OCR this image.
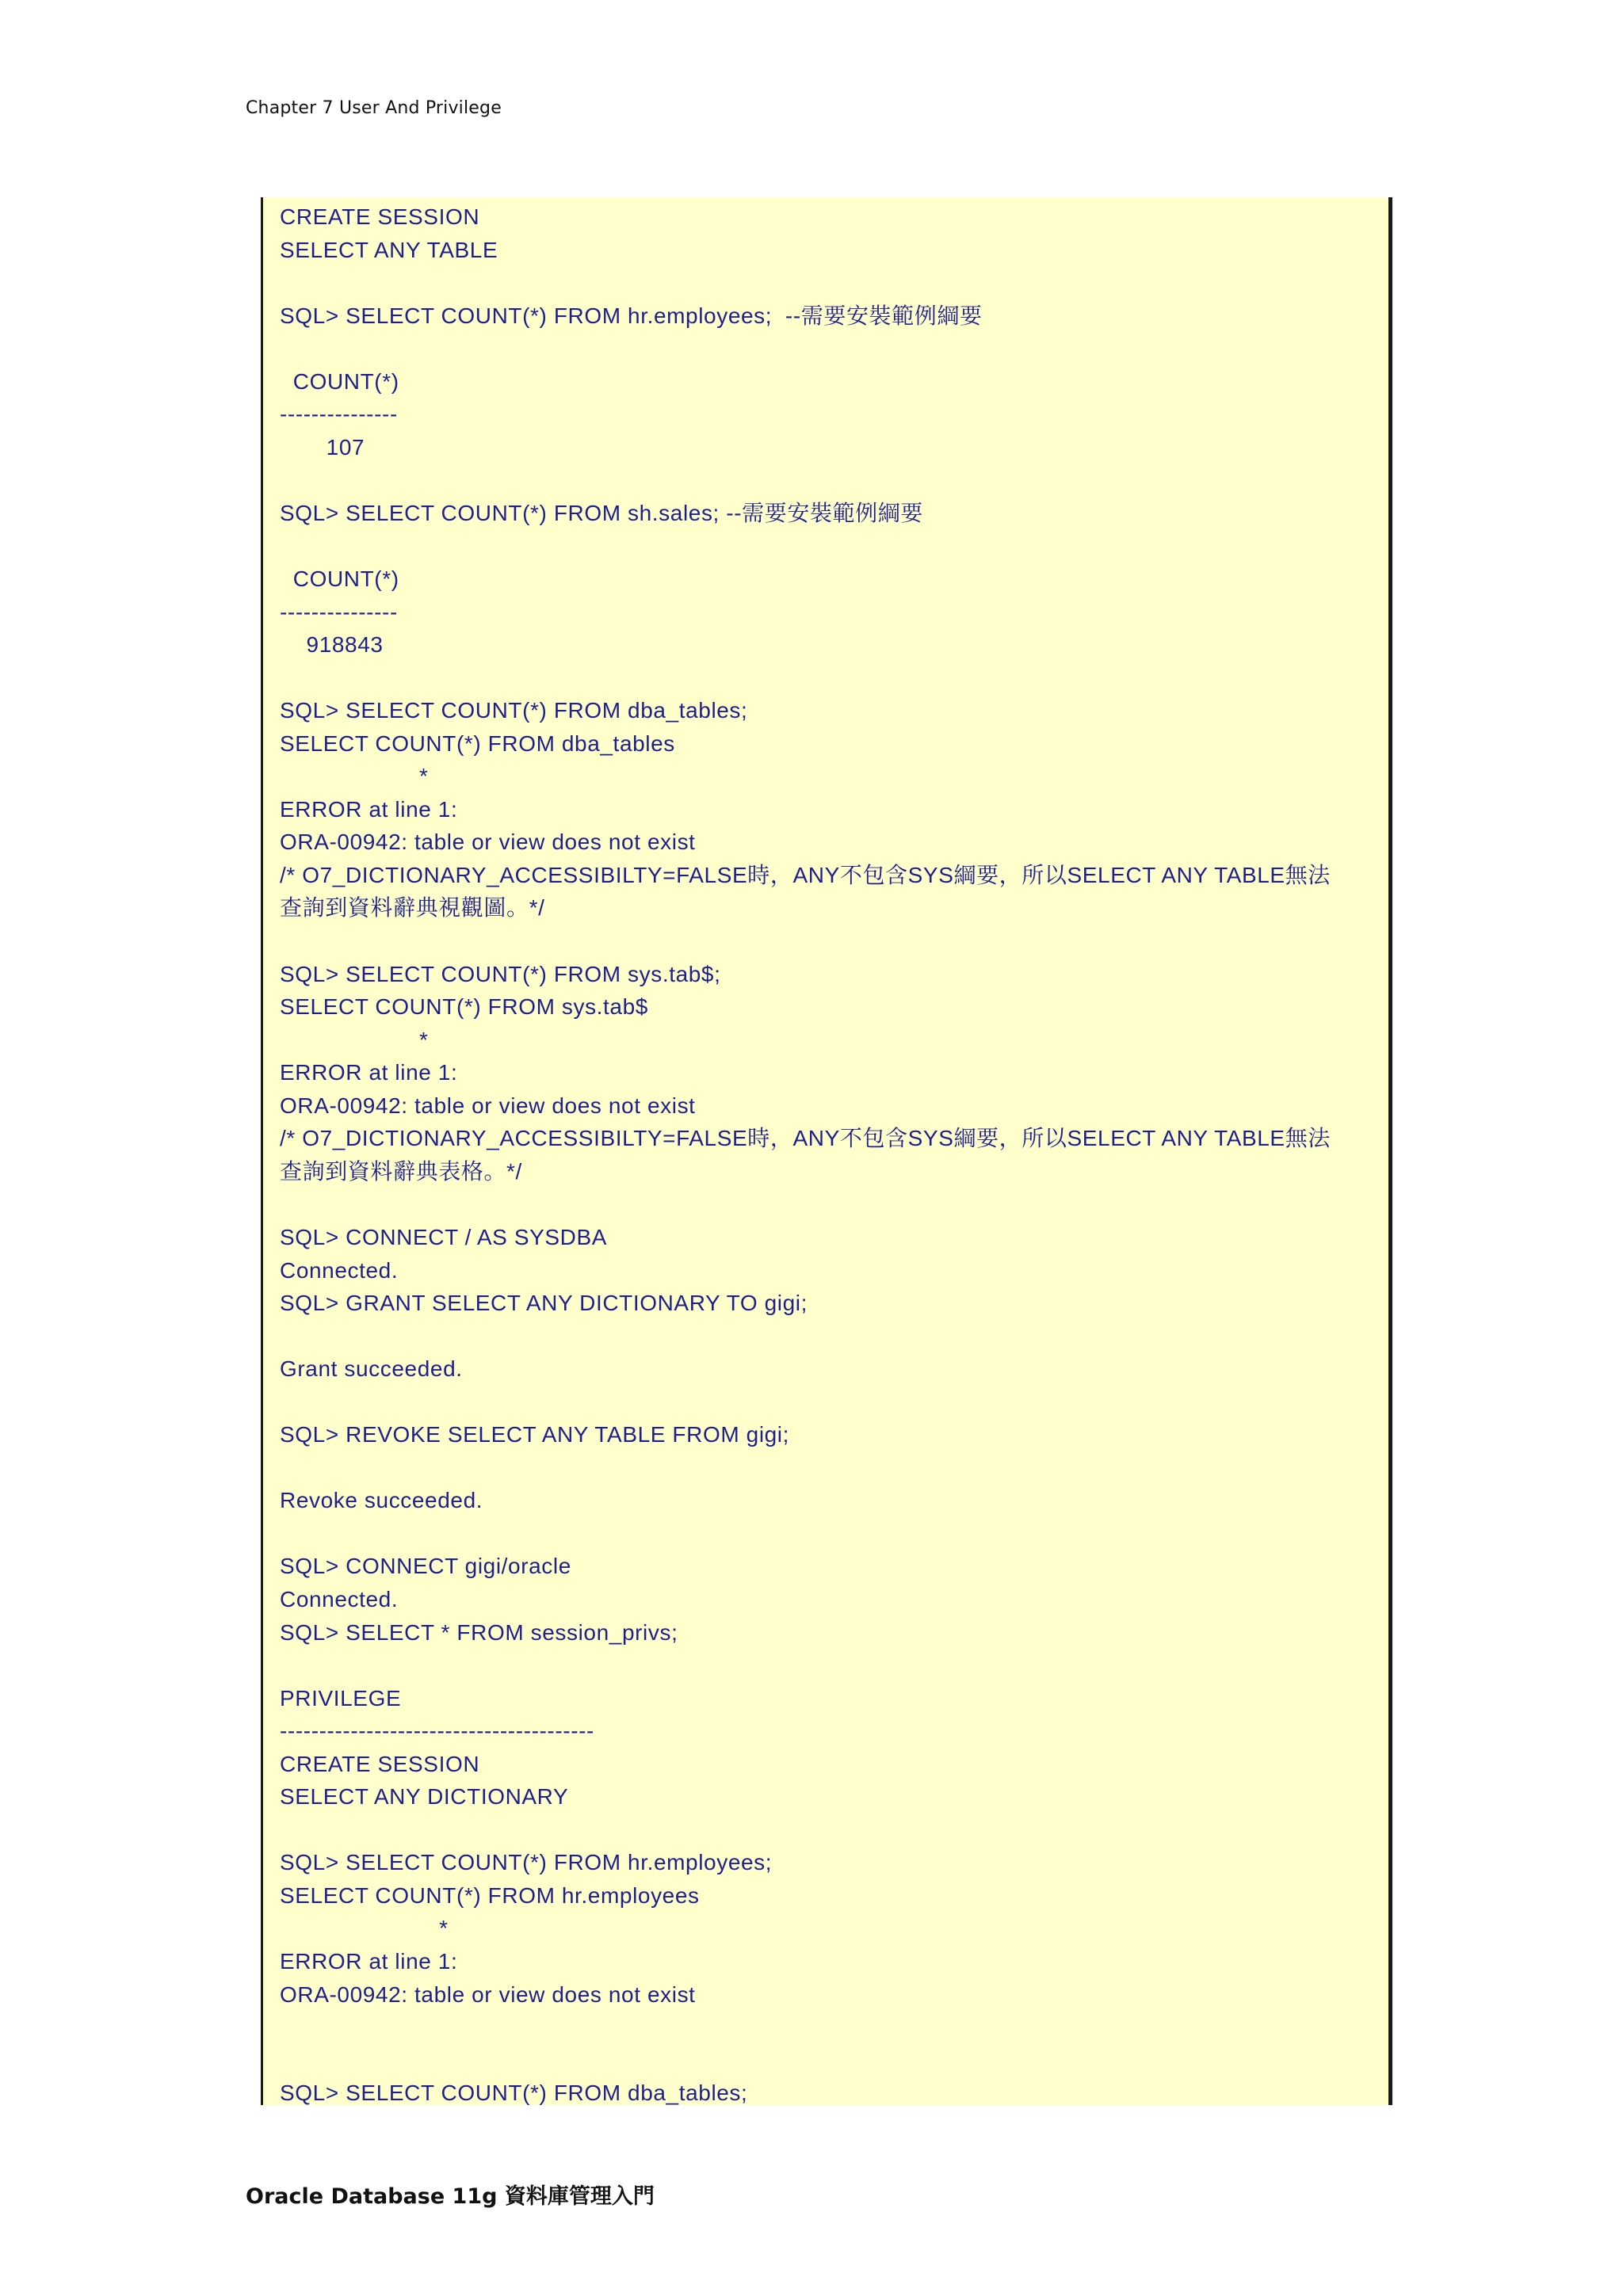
Chapter 7 User And Privilege
CREATE SESSION
SELECT ANY TABLE
SQL> SELECT COUNT(*) FROM hr.employees;  --需要安裝範例綱要
COUNT(*)
---------------
107
SQL> SELECT COUNT(*) FROM sh.sales; --需要安裝範例綱要
COUNT(*)
---------------
918843
SQL> SELECT COUNT(*) FROM dba_tables;
SELECT COUNT(*) FROM dba_tables
*
ERROR at line 1:
ORA-00942: table or view does not exist
/* O7_DICTIONARY_ACCESSIBILTY=FALSE時，ANY不包含SYS綱要，所以SELECT ANY TABLE無法
查詢到資料辭典視觀圖。*/
SQL> SELECT COUNT(*) FROM sys.tab$;
SELECT COUNT(*) FROM sys.tab$
*
ERROR at line 1:
ORA-00942: table or view does not exist
/* O7_DICTIONARY_ACCESSIBILTY=FALSE時，ANY不包含SYS綱要，所以SELECT ANY TABLE無法
查詢到資料辭典表格。*/
SQL> CONNECT / AS SYSDBA
Connected.
SQL> GRANT SELECT ANY DICTIONARY TO gigi;
Grant succeeded.
SQL> REVOKE SELECT ANY TABLE FROM gigi;
Revoke succeeded.
SQL> CONNECT gigi/oracle
Connected.
SQL> SELECT * FROM session_privs;
PRIVILEGE
----------------------------------------
CREATE SESSION
SELECT ANY DICTIONARY
SQL> SELECT COUNT(*) FROM hr.employees;
SELECT COUNT(*) FROM hr.employees
*
ERROR at line 1:
ORA-00942: table or view does not exist
SQL> SELECT COUNT(*) FROM dba_tables;
Oracle Database 11g 資料庫管理入門
